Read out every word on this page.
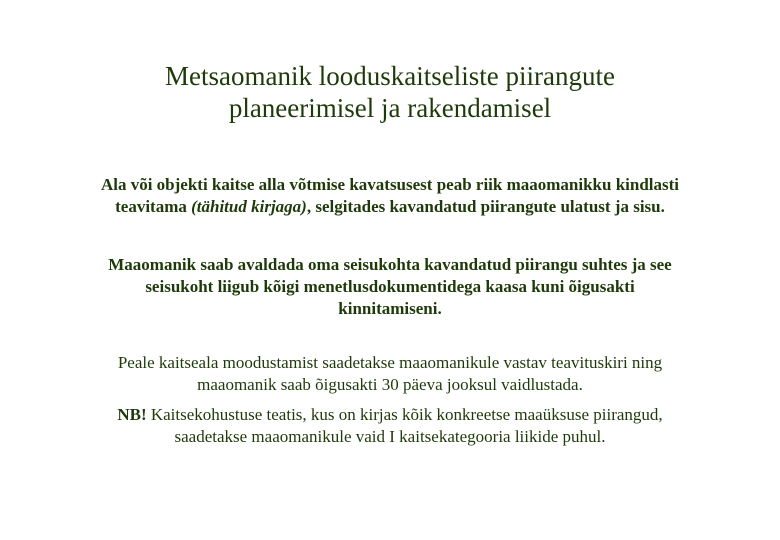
Metsaomanik looduskaitseliste piirangute
planeerimisel ja rakendamisel
Ala või objekti kaitse alla võtmise kavatsusest peab riik maaomanikku kindlasti
teavitama (tähitud kirjaga), selgitades kavandatud piirangute ulatust ja sisu.
Maaomanik saab avaldada oma seisukohta kavandatud piirangu suhtes ja see
seisukoht liigub kõigi menetlusdokumentidega kaasa kuni õigusakti
kinnitamiseni.
Peale kaitseala moodustamist saadetakse maaomanikule vastav teavituskiri ning
maaomanik saab õigusakti 30 päeva jooksul vaidlustada.
NB! Kaitsekohustuse teatis, kus on kirjas kõik konkreetse maaüksuse piirangud,
saadetakse maaomanikule vaid I kaitsekategooria liikide puhul.
